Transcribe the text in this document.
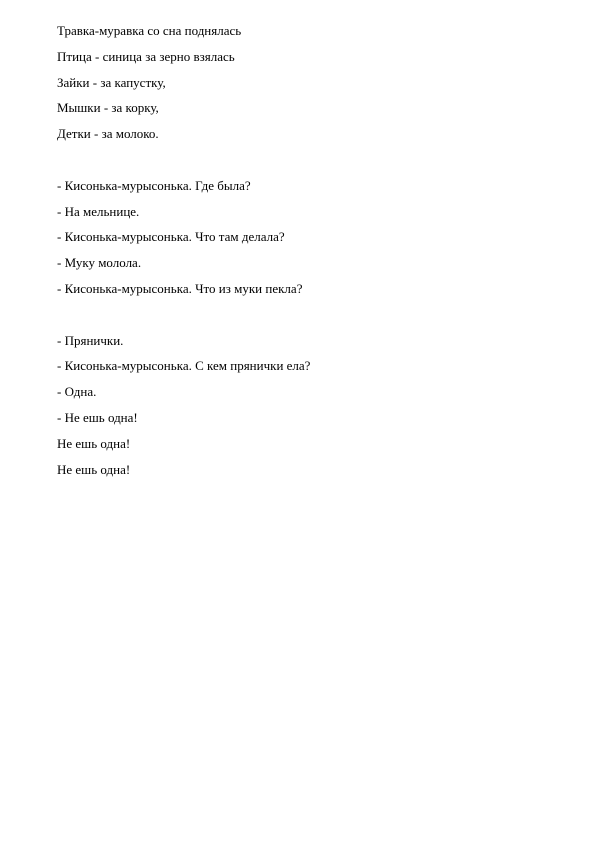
Травка-муравка со сна поднялась
Птица - синица за зерно взялась
Зайки - за капустку,
Мышки - за корку,
Детки - за молоко.
- Кисонька-мурысонька. Где была?
- На мельнице.
- Кисонька-мурысонька. Что там делала?
- Муку молола.
- Кисонька-мурысонька. Что из муки пекла?
- Прянички.
- Кисонька-мурысонька. С кем прянички ела?
- Одна.
- Не ешь одна!
Не ешь одна!
Не ешь одна!
